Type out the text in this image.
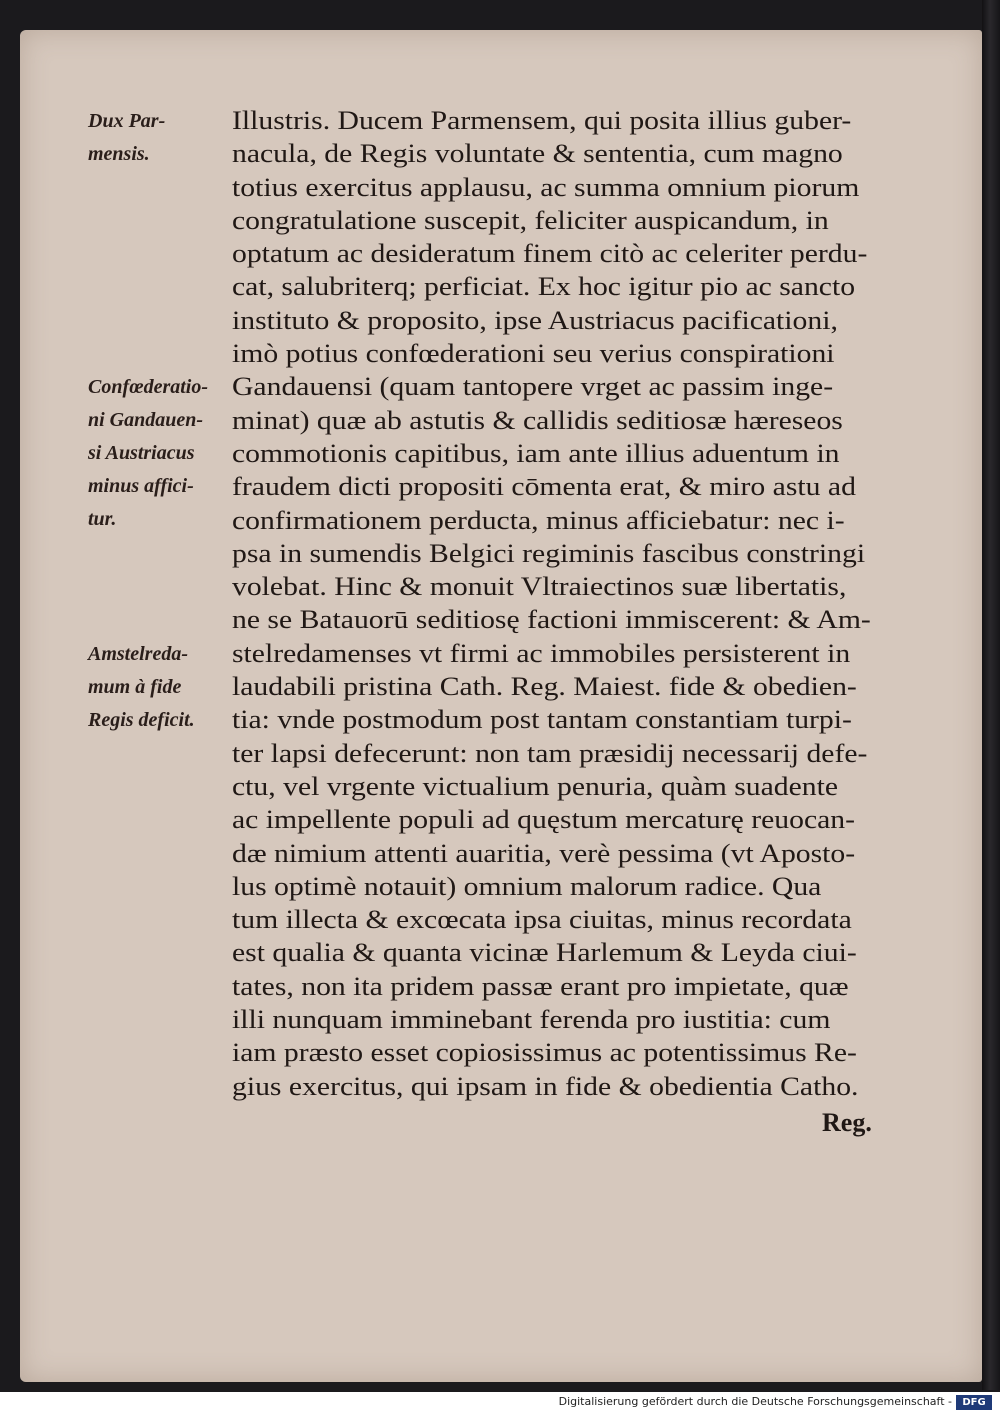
Dux Par-
mensis.
Confœderatio-
ni Gandauen-
si Austriacus
minus affici-
tur.
Amstelreda-
mum à fide
Regis deficit.
Illustris. Ducem Parmensem, qui posita illius guber-
nacula, de Regis voluntate & sententia, cum magno
totius exercitus applausu, ac summa omnium piorum
congratulatione suscepit, feliciter auspicandum, in
optatum ac desideratum finem citò ac celeriter perdu-
cat, salubriterq; perficiat. Ex hoc igitur pio ac sancto
instituto & proposito, ipse Austriacus pacificationi,
imò potius confœderationi seu verius conspirationi
Gandauensi (quam tantopere vrget ac passim inge-
minat) quæ ab astutis & callidis seditiosæ hæreseos
commotionis capitibus, iam ante illius aduentum in
fraudem dicti propositi cōmenta erat, & miro astu ad
confirmationem perducta, minus afficiebatur: nec i-
psa in sumendis Belgici regiminis fascibus constringi
volebat. Hinc & monuit Vltraiectinos suæ libertatis,
ne se Batauorū seditiosę factioni immiscerent: & Am-
stelredamenses vt firmi ac immobiles persisterent in
laudabili pristina Cath. Reg. Maiest. fide & obedien-
tia: vnde postmodum post tantam constantiam turpi-
ter lapsi defecerunt: non tam præsidij necessarij defe-
ctu, vel vrgente victualium penuria, quàm suadente
ac impellente populi ad quęstum mercaturę reuocan-
dæ nimium attenti auaritia, verè pessima (vt Aposto-
lus optimè notauit) omnium malorum radice. Qua
tum illecta & excœcata ipsa ciuitas, minus recordata
est qualia & quanta vicinæ Harlemum & Leyda ciui-
tates, non ita pridem passæ erant pro impietate, quæ
illi nunquam imminebant ferenda pro iustitia: cum
iam præsto esset copiosissimus ac potentissimus Re-
gius exercitus, qui ipsam in fide & obedientia Catho.
Reg.
Digitalisierung gefördert durch die Deutsche Forschungsgemeinschaft -	DFG
